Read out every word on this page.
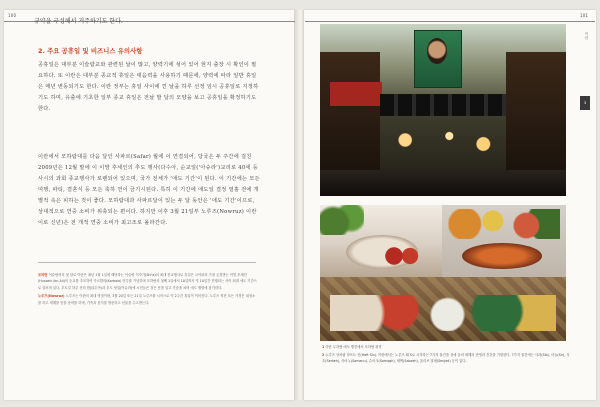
100
규약을 구성해서 거주하기도 한다.
2. 주요 공휴일 및 비즈니스 유의사항

공휴일은 대부분 이슬람교와 관련된 날이 많고, 양력기에 섞어 있어 현지 출장 시 확인이 필요하다. 또 이란은 대부분 종교적 휴일은 태음력을 사용하기 때문에, 양력에 따라 일반 휴일은 매년 변동되기도 한다. 이란 정부는 휴일 사이에 낀 날을 하루 선정 임시 공휴일로 지정하기도 하며, 유출에 기초한 일부 종교 휴일은 전날 발 달의 모양을 보고 공휴일을 확정하기도 한다.

이란에서 모하람대를 다음 달인 사파르(Safar) 월에 이 연결되어, 당국은 두 주간에 걸친 2009년은 12월 말에 이 이맘 후세인의 추도 행사(다수아, 순교일('아슈라')교리로 40세 등 사시의 과회 종교행사가 로렌되어 있으며, 국가 전체가 '애도 기간'이 된다. 이 기간에는 모든 여행, 파티, 결혼식 등 모든 축하 연이 금기시된다. 특히 이 기간에 애도일 결정 열흘 전에 개별적 속은 피하는 것이 좋다. 모하람대과 사파르달이 있는 두 달 동안은 '애도 기간'이므로, 상대적으로 연중 소비가 위축되는 편이다. 하지만 이후 3월 21일부 노루즈(Nowruz) 이란이로 신년)은 전 개적 연중 소비가 최고조로 올라간다.

모하람 이슬람력의 첫 달로 이란은 매년 1월 1일에 해당하는 이슬람 이자가(Shi'a)의 최대 종교행사로 휴일은 시아파의 가장 존경받는 이맘 후세인(Hussein ibn Ali)의 순교를 추모하여 카르발라(Karbala) 전투를 기념하며 모하람의 첫째 1일에서 10일까지 약 10일간 진행되는 사이 최대 애도 기간으로 알려져 있다. 추도일 하루 전의 밤(타수아)과 추도 당일(아슈라)에 시민들은 검은 옷을 입고 가슴을 치며 애도 행렬에 참가한다.

노루즈(Nowruz) 노루즈는 이란의 최대 명절이며, 3월 20일 또는 21일 노루즈를 시작으로 약 2주간 휴일이 이어진다. 노루즈 직전 모든 가정은 대청소를 하고 새해를 맞을 준비를 하며, 가족과 친지를 방문하고 선물을 주고받는다.

101
이란
3

1 이란 무하람 애도 행진에서 모하람 광경

2 노루즈 상차림 하프트 신(Haft Sin). 이란에서는 노루즈 때 S로 시작하는 7가지 물건을 상에 올려 새해의 번영과 건강을 기원한다. 7가지 물건에는 사과(Sib), 마늘(Sir), 식초(Serkeh), 사마누(Samanu), 수마크(Somagh), 새싹(Sabzeh), 올리브 열매(Senjed) 등이 있다.
